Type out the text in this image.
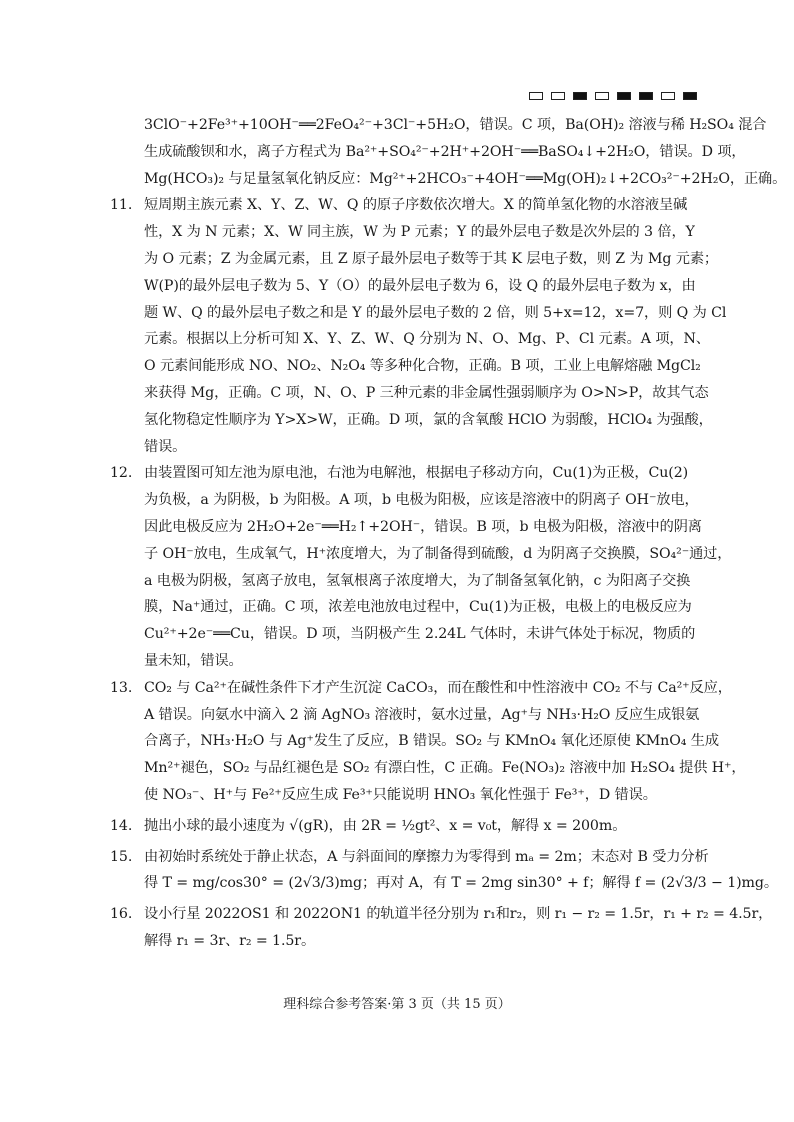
3ClO⁻+2Fe³⁺+10OH⁻══2FeO₄²⁻+3Cl⁻+5H₂O，错误。C 项，Ba(OH)₂ 溶液与稀 H₂SO₄ 混合
生成硫酸钡和水，离子方程式为 Ba²⁺+SO₄²⁻+2H⁺+2OH⁻══BaSO₄↓+2H₂O，错误。D 项，
Mg(HCO₃)₂ 与足量氢氧化钠反应：Mg²⁺+2HCO₃⁻+4OH⁻══Mg(OH)₂↓+2CO₃²⁻+2H₂O，正确。
11. 短周期主族元素 X、Y、Z、W、Q 的原子序数依次增大。X 的简单氢化物的水溶液呈碱
性，X 为 N 元素；X、W 同主族，W 为 P 元素；Y 的最外层电子数是次外层的 3 倍，Y
为 O 元素；Z 为金属元素，且 Z 原子最外层电子数等于其 K 层电子数，则 Z 为 Mg 元素；
W(P)的最外层电子数为 5、Y（O）的最外层电子数为 6，设 Q 的最外层电子数为 x，由
题 W、Q 的最外层电子数之和是 Y 的最外层电子数的 2 倍，则 5+x=12，x=7，则 Q 为 Cl
元素。根据以上分析可知 X、Y、Z、W、Q 分别为 N、O、Mg、P、Cl 元素。A 项，N、
O 元素间能形成 NO、NO₂、N₂O₄ 等多种化合物，正确。B 项，工业上电解熔融 MgCl₂
来获得 Mg，正确。C 项，N、O、P 三种元素的非金属性强弱顺序为 O>N>P，故其气态
氢化物稳定性顺序为 Y>X>W，正确。D 项，氯的含氧酸 HClO 为弱酸，HClO₄ 为强酸，
错误。
12. 由装置图可知左池为原电池，右池为电解池，根据电子移动方向，Cu(1)为正极，Cu(2)
为负极，a 为阴极，b 为阳极。A 项，b 电极为阳极，应该是溶液中的阴离子 OH⁻放电，
因此电极反应为 2H₂O+2e⁻══H₂↑+2OH⁻，错误。B 项，b 电极为阳极，溶液中的阴离
子 OH⁻放电，生成氧气，H⁺浓度增大，为了制备得到硫酸，d 为阴离子交换膜，SO₄²⁻通过，
a 电极为阴极，氢离子放电，氢氧根离子浓度增大，为了制备氢氧化钠，c 为阳离子交换
膜，Na⁺通过，正确。C 项，浓差电池放电过程中，Cu(1)为正极，电极上的电极反应为
Cu²⁺+2e⁻══Cu，错误。D 项，当阴极产生 2.24L 气体时，未讲气体处于标况，物质的
量未知，错误。
13. CO₂ 与 Ca²⁺在碱性条件下才产生沉淀 CaCO₃，而在酸性和中性溶液中 CO₂ 不与 Ca²⁺反应，
A 错误。向氨水中滴入 2 滴 AgNO₃ 溶液时，氨水过量，Ag⁺与 NH₃·H₂O 反应生成银氨
合离子，NH₃·H₂O 与 Ag⁺发生了反应，B 错误。SO₂ 与 KMnO₄ 氧化还原使 KMnO₄ 生成
Mn²⁺褪色，SO₂ 与品红褪色是 SO₂ 有漂白性，C 正确。Fe(NO₃)₂ 溶液中加 H₂SO₄ 提供 H⁺，
使 NO₃⁻、H⁺与 Fe²⁺反应生成 Fe³⁺只能说明 HNO₃ 氧化性强于 Fe³⁺，D 错误。
14. 抛出小球的最小速度为 √(gR)，由 2R = ½gt²、x = v₀t，解得 x = 200m。
15. 由初始时系统处于静止状态，A 与斜面间的摩擦力为零得到 mₐ = 2m；末态对 B 受力分析
得 T = mg/cos30° = (2√3/3)mg；再对 A，有 T = 2mg sin30° + f；解得 f = (2√3/3 − 1)mg。
16. 设小行星 2022OS1 和 2022ON1 的轨道半径分别为 r₁和r₂，则 r₁ − r₂ = 1.5r，r₁ + r₂ = 4.5r，
解得 r₁ = 3r、r₂ = 1.5r。
理科综合参考答案·第 3 页（共 15 页）
